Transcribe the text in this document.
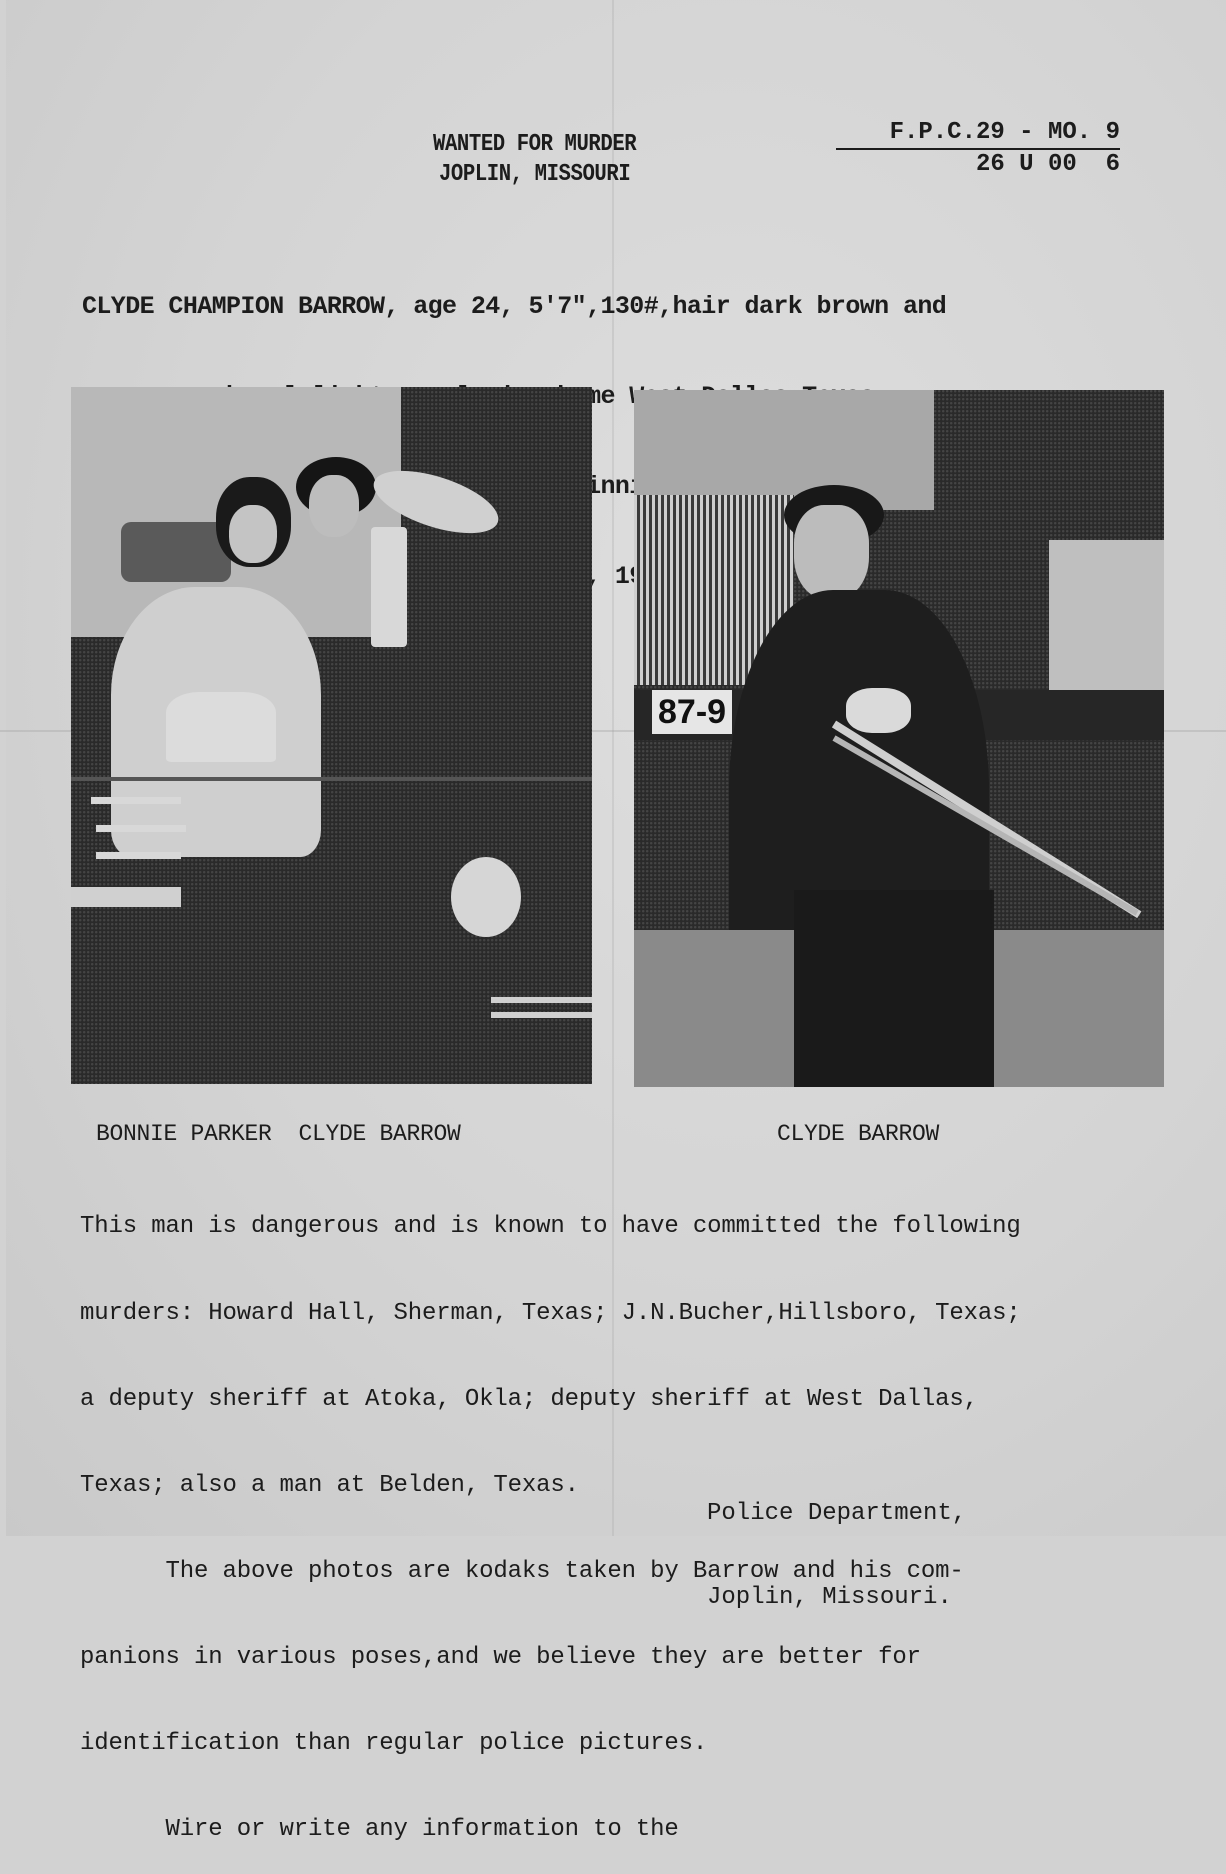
WANTED FOR MURDER
JOPLIN, MISSOURI
F.P.C.29 - MO. 9
26 U 00  6

CLYDE CHAMPION BARROW, age 24, 5'7",130#,hair dark brown and

McGinnis

87-9
BONNIE PARKER  CLYDE BARROW	CLYDE BARROW

This man is dangerous and is known to have committed the following

murders: Howard Hall, Sherman, Texas; J.N.Bucher,Hillsboro, Texas;

a deputy sheriff at Atoka, Okla; deputy sheriff at West Dallas,

Texas; also a man at Belden, Texas.

The above photos are kodaks taken by Barrow and his com-

panions in various poses,and we believe they are better for

identification than regular police pictures.

Wire or write any information to the

Police Department,

Joplin, Missouri.
